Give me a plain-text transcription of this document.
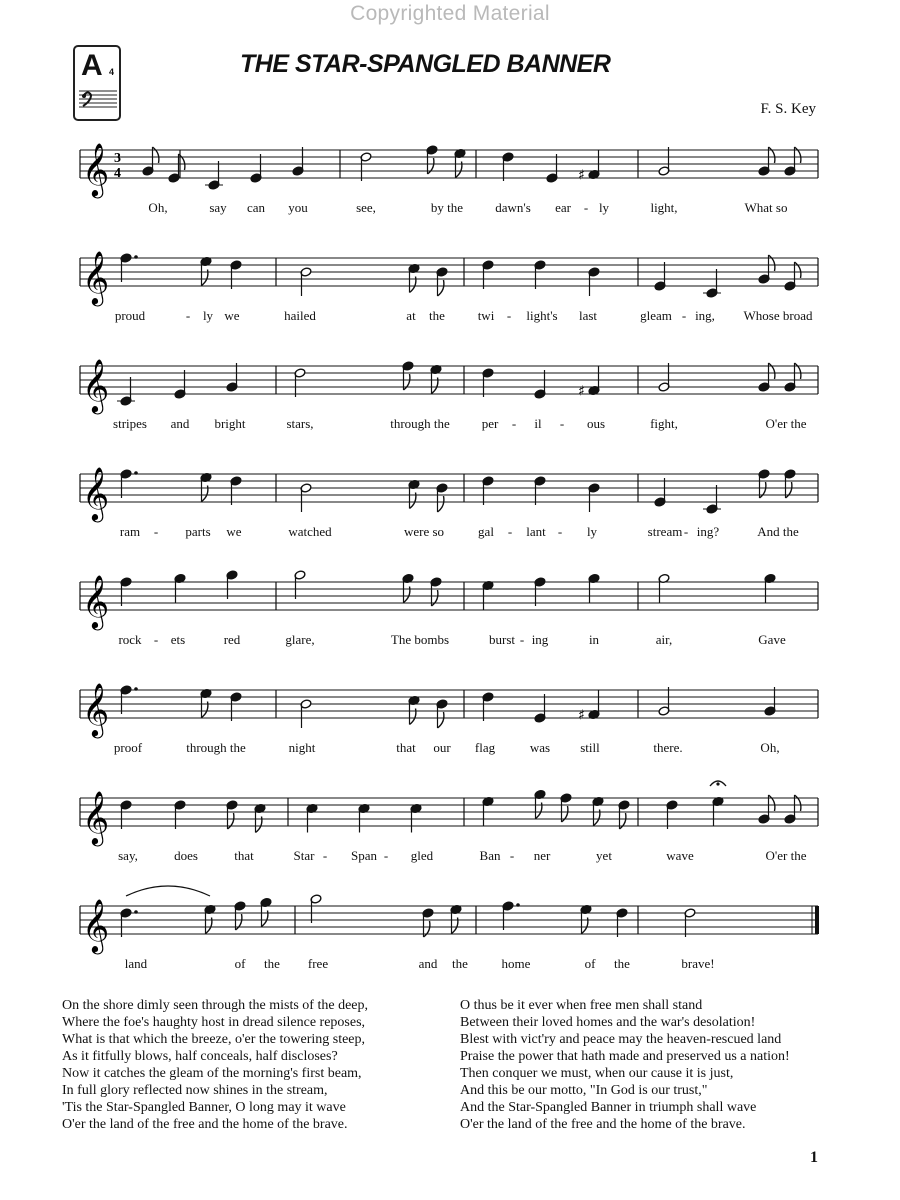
Copyrighted Material
A 4	THE STAR-SPANGLED BANNER
F. S. Key
𝄞 3
4	♯
Oh,	say can you	see,	by the dawn's ear - ly	light,	What so
𝄞
proud	- ly we	hailed	at the	twi - light's last	gleam - ing, Whose broad
𝄞	♯
stripes and bright	stars,	through the per - il - ous	fight,	O'er the
𝄞
ram - parts we	watched	were so	gal - lant - ly	stream - ing?	And the
𝄞
rock - ets	red	glare,	The bombs	burst - ing	in	air,	Gave
𝄞	♯
proof	through the	night	that our flag	was still	there.	Oh,
𝄞
say,	does	that	Star - Span - gled	Ban - ner	yet	wave	O'er the
𝄞
land	of the free	and the	home	of the	brave!
On the shore dimly seen through the mists of the deep,
Where the foe's haughty host in dread silence reposes,
What is that which the breeze, o'er the towering steep,
As it fitfully blows, half conceals, half discloses?
Now it catches the gleam of the morning's first beam,
In full glory reflected now shines in the stream,
'Tis the Star-Spangled Banner, O long may it wave
O'er the land of the free and the home of the brave.
O thus be it ever when free men shall stand
Between their loved homes and the war's desolation!
Blest with vict'ry and peace may the heaven-rescued land
Praise the power that hath made and preserved us a nation!
Then conquer we must, when our cause it is just,
And this be our motto, "In God is our trust,"
And the Star-Spangled Banner in triumph shall wave
O'er the land of the free and the home of the brave.
1
